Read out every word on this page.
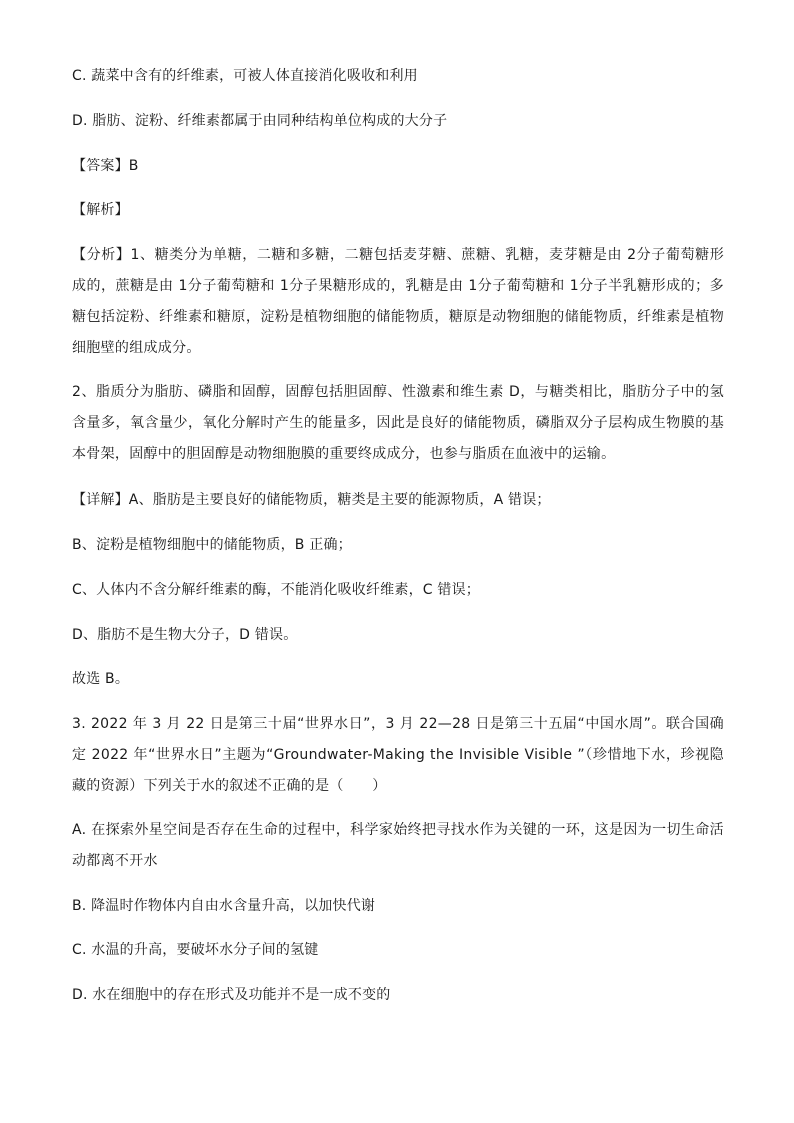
C. 蔬菜中含有的纤维素，可被人体直接消化吸收和利用
D. 脂肪、淀粉、纤维素都属于由同种结构单位构成的大分子
【答案】B
【解析】
【分析】1、糖类分为单糖，二糖和多糖，二糖包括麦芽糖、蔗糖、乳糖，麦芽糖是由 2分子葡萄糖形成的，蔗糖是由 1分子葡萄糖和 1分子果糖形成的，乳糖是由 1分子葡萄糖和 1分子半乳糖形成的；多糖包括淀粉、纤维素和糖原，淀粉是植物细胞的储能物质，糖原是动物细胞的储能物质，纤维素是植物细胞壁的组成成分。
2、脂质分为脂肪、磷脂和固醇，固醇包括胆固醇、性激素和维生素 D，与糖类相比，脂肪分子中的氢含量多，氧含量少，氧化分解时产生的能量多，因此是良好的储能物质，磷脂双分子层构成生物膜的基本骨架，固醇中的胆固醇是动物细胞膜的重要终成成分，也参与脂质在血液中的运输。
【详解】A、脂肪是主要良好的储能物质，糖类是主要的能源物质，A 错误；
B、淀粉是植物细胞中的储能物质，B 正确；
C、人体内不含分解纤维素的酶，不能消化吸收纤维素，C 错误；
D、脂肪不是生物大分子，D 错误。
故选 B。
3. 2022 年 3 月 22 日是第三十届“世界水日”，3 月 22—28 日是第三十五届“中国水周”。联合国确定 2022 年“世界水日”主题为“Groundwater-Making the Invisible Visible ”（珍惜地下水，珍视隐藏的资源）下列关于水的叙述不正确的是（　　）
A. 在探索外星空间是否存在生命的过程中，科学家始终把寻找水作为关键的一环，这是因为一切生命活动都离不开水
B. 降温时作物体内自由水含量升高，以加快代谢
C. 水温的升高，要破坏水分子间的氢键
D. 水在细胞中的存在形式及功能并不是一成不变的
